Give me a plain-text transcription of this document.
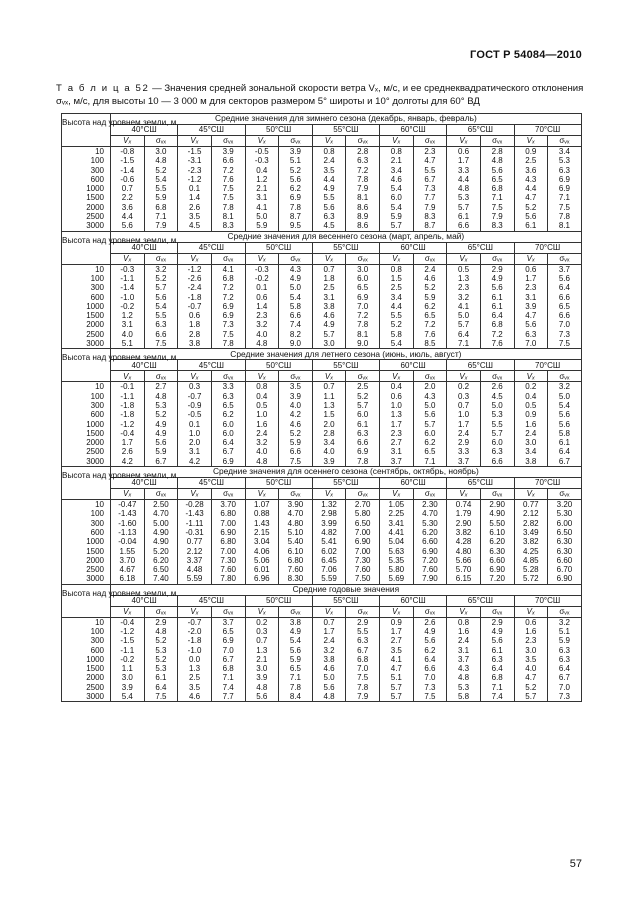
ГОСТ Р 54084—2010
Т а б л и ц а 52 — Значения средней зональной скорости ветра Vₓ, м/с, и ее среднеквадратического отклонения σᵥₓ, м/с, для высоты 10 — 3 000 м для секторов размером 5° широты и 10° долготы для 60° ВД
Высота над уровнем земли, м	Средние значения для зимнего сезона (декабрь, январь, февраль)													
	40°СШ		45°СШ		50°СШ		55°СШ		60°СШ		65°СШ		70°СШ	
	Vₓ	σᵥₓ	Vₓ	σᵥₓ	Vₓ	σᵥₓ	Vₓ	σᵥₓ	Vₓ	σᵥₓ	Vₓ	σᵥₓ	Vₓ	σᵥₓ
10	-0.8	3.0	-1.5	3.9	-0.5	3.9	0.8	2.8	0.8	2.3	0.6	2.8	0.9	3.4
100	-1.5	4.8	-3.1	6.6	-0.3	5.1	2.4	6.3	2.1	4.7	1.7	4.8	2.5	5.3
300	-1.4	5.2	-2.3	7.2	0.4	5.2	3.5	7.2	3.4	5.5	3.3	5.6	3.6	6.3
600	-0.6	5.4	-1.2	7.6	1.2	5.6	4.4	7.8	4.6	6.7	4.4	6.5	4.3	6.9
1000	0.7	5.5	0.1	7.5	2.1	6.2	4.9	7.9	5.4	7.3	4.8	6.8	4.4	6.9
1500	2.2	5.9	1.4	7.5	3.1	6.9	5.5	8.1	6.0	7.7	5.3	7.1	4.7	7.1
2000	3.6	6.8	2.6	7.8	4.1	7.8	5.6	8.6	5.4	7.9	5.7	7.5	5.2	7.5
2500	4.4	7.1	3.5	8.1	5.0	8.7	6.3	8.9	5.9	8.3	6.1	7.9	5.6	7.8
3000	5.6	7.9	4.5	8.3	5.9	9.5	4.5	8.6	5.7	8.7	6.6	8.3	6.1	8.1
Высота над уровнем земли, м	Средние значения для весеннего сезона (март, апрель, май)													
	40°СШ		45°СШ		50°СШ		55°СШ		60°СШ		65°СШ		70°СШ	
	Vₓ	σᵥₓ	Vₓ	σᵥₓ	Vₓ	σᵥₓ	Vₓ	σᵥₓ	Vₓ	σᵥₓ	Vₓ	σᵥₓ	Vₓ	σᵥₓ
10	-0.3	3.2	-1.2	4.1	-0.3	4.3	0.7	3.0	0.8	2.4	0.5	2.9	0.6	3.7
100	-1.1	5.2	-2.6	6.8	-0.2	4.9	1.8	6.0	1.5	4.6	1.3	4.9	1.7	5.6
300	-1.4	5.7	-2.4	7.2	0.1	5.0	2.5	6.5	2.5	5.2	2.3	5.6	2.3	6.4
600	-1.0	5.6	-1.8	7.2	0.6	5.4	3.1	6.9	3.4	5.9	3.2	6.1	3.1	6.6
1000	-0.2	5.4	-0.7	6.9	1.4	5.8	3.8	7.0	4.4	6.2	4.1	6.1	3.9	6.5
1500	1.2	5.5	0.6	6.9	2.3	6.6	4.6	7.2	5.5	6.5	5.0	6.4	4.7	6.6
2000	3.1	6.3	1.8	7.3	3.2	7.4	4.9	7.8	5.2	7.2	5.7	6.8	5.6	7.0
2500	4.0	6.6	2.8	7.5	4.0	8.2	5.7	8.1	5.8	7.6	6.4	7.2	6.3	7.3
3000	5.1	7.5	3.8	7.8	4.8	9.0	3.0	9.0	5.4	8.5	7.1	7.6	7.0	7.5
Высота над уровнем земли, м	Средние значения для летнего сезона (июнь, июль, август)													
	40°СШ		45°СШ		50°СШ		55°СШ		60°СШ		65°СШ		70°СШ	
	Vₓ	σᵥₓ	Vₓ	σᵥₓ	Vₓ	σᵥₓ	Vₓ	σᵥₓ	Vₓ	σᵥₓ	Vₓ	σᵥₓ	Vₓ	σᵥₓ
10	-0.1	2.7	0.3	3.3	0.8	3.5	0.7	2.5	0.4	2.0	0.2	2.6	0.2	3.2
100	-1.1	4.8	-0.7	6.3	0.4	3.9	1.1	5.2	0.6	4.3	0.3	4.5	0.4	5.0
300	-1.8	5.3	-0.9	6.5	0.5	4.0	1.3	5.7	1.0	5.0	0.7	5.0	0.5	5.4
600	-1.8	5.2	-0.5	6.2	1.0	4.2	1.5	6.0	1.3	5.6	1.0	5.3	0.9	5.6
1000	-1.2	4.9	0.1	6.0	1.6	4.6	2.0	6.1	1.7	5.7	1.7	5.5	1.6	5.6
1500	-0.4	4.9	1.0	6.0	2.4	5.2	2.8	6.3	2.3	6.0	2.4	5.7	2.4	5.8
2000	1.7	5.6	2.0	6.4	3.2	5.9	3.4	6.6	2.7	6.2	2.9	6.0	3.0	6.1
2500	2.6	5.9	3.1	6.7	4.0	6.6	4.0	6.9	3.1	6.5	3.3	6.3	3.4	6.4
3000	4.2	6.7	4.2	6.9	4.8	7.5	3.9	7.8	3.7	7.1	3.7	6.6	3.8	6.7
Высота над уровнем земли, м	Средние значения для осеннего сезона (сентябрь, октябрь, ноябрь)													
	40°СШ		45°СШ		50°СШ		55°СШ		60°СШ		65°СШ		70°СШ	
	Vₓ	σᵥₓ	Vₓ	σᵥₓ	Vₓ	σᵥₓ	Vₓ	σᵥₓ	Vₓ	σᵥₓ	Vₓ	σᵥₓ	Vₓ	σᵥₓ
10	-0.47	2.50	-0.28	3.70	1.07	3.90	1.32	2.70	1.05	2.30	0.74	2.90	0.77	3.20
100	-1.43	4.70	-1.43	6.80	0.88	4.70	2.98	5.80	2.25	4.70	1.79	4.90	2.12	5.30
300	-1.60	5.00	-1.11	7.00	1.43	4.80	3.99	6.50	3.41	5.30	2.90	5.50	2.82	6.00
600	-1.13	4.90	-0.31	6.90	2.15	5.10	4.82	7.00	4.41	6.20	3.82	6.10	3.49	6.50
1000	-0.04	4.90	0.77	6.80	3.04	5.40	5.41	6.90	5.04	6.60	4.28	6.20	3.82	6.30
1500	1.55	5.20	2.12	7.00	4.06	6.10	6.02	7.00	5.63	6.90	4.80	6.30	4.25	6.30
2000	3.70	6.20	3.37	7.30	5.06	6.80	6.45	7.30	5.35	7.20	5.66	6.60	4.85	6.60
2500	4.67	6.50	4.48	7.60	6.01	7.60	7.06	7.60	5.80	7.60	5.70	6.90	5.28	6.70
3000	6.18	7.40	5.59	7.80	6.96	8.30	5.59	7.50	5.69	7.90	6.15	7.20	5.72	6.90
Высота над уровнем земли, м	Средние годовые значения													
	40°СШ		45°СШ		50°СШ		55°СШ		60°СШ		65°СШ		70°СШ	
	Vₓ	σᵥₓ	Vₓ	σᵥₓ	Vₓ	σᵥₓ	Vₓ	σᵥₓ	Vₓ	σᵥₓ	Vₓ	σᵥₓ	Vₓ	σᵥₓ
10	-0.4	2.9	-0.7	3.7	0.2	3.8	0.7	2.9	0.9	2.6	0.8	2.9	0.6	3.2
100	-1.2	4.8	-2.0	6.5	0.3	4.9	1.7	5.5	1.7	4.9	1.6	4.9	1.6	5.1
300	-1.5	5.2	-1.8	6.9	0.7	5.4	2.4	6.3	2.7	5.6	2.4	5.6	2.3	5.9
600	-1.1	5.3	-1.0	7.0	1.3	5.6	3.2	6.7	3.5	6.2	3.1	6.1	3.0	6.3
1000	-0.2	5.2	0.0	6.7	2.1	5.9	3.8	6.8	4.1	6.4	3.7	6.3	3.5	6.3
1500	1.1	5.3	1.3	6.8	3.0	6.5	4.6	7.0	4.7	6.6	4.3	6.4	4.0	6.4
2000	3.0	6.1	2.5	7.1	3.9	7.1	5.0	7.5	5.1	7.0	4.8	6.8	4.7	6.7
2500	3.9	6.4	3.5	7.4	4.8	7.8	5.6	7.8	5.7	7.3	5.3	7.1	5.2	7.0
3000	5.4	7.5	4.6	7.7	5.6	8.4	4.8	7.9	5.7	7.5	5.8	7.4	5.7	7.3
57
